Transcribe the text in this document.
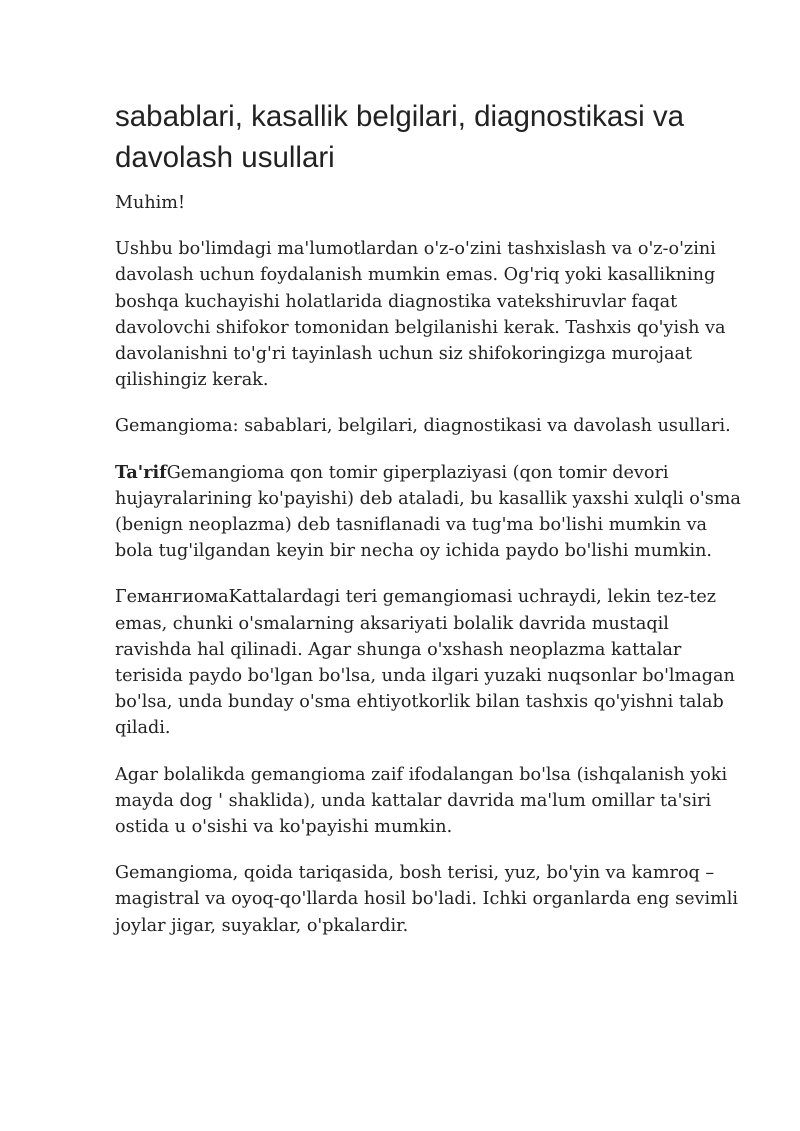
sabablari, kasallik belgilari, diagnostikasi va davolash usullari

Muhim!

Ushbu bo'limdagi ma'lumotlardan o'z-o'zini tashxislash va o'z-o'zini davolash uchun foydalanish mumkin emas. Og'riq yoki kasallikning boshqa kuchayishi holatlarida diagnostika vatekshiruvlar faqat davolovchi shifokor tomonidan belgilanishi kerak. Tashxis qo'yish va davolanishni to'g'ri tayinlash uchun siz shifokoringizga murojaat qilishingiz kerak.

Gemangioma: sabablari, belgilari, diagnostikasi va davolash usullari.

Ta'rifGemangioma qon tomir giperplaziyasi (qon tomir devori hujayralarining ko'payishi) deb ataladi, bu kasallik yaxshi xulqli o'sma (benign neoplazma) deb tasniflanadi va tug'ma bo'lishi mumkin va bola tug'ilgandan keyin bir necha oy ichida paydo bo'lishi mumkin.

ГемангиомаKattalardagi teri gemangiomasi uchraydi, lekin tez-tez emas, chunki o'smalarning aksariyati bolalik davrida mustaqil ravishda hal qilinadi. Agar shunga o'xshash neoplazma kattalar terisida paydo bo'lgan bo'lsa, unda ilgari yuzaki nuqsonlar bo'lmagan bo'lsa, unda bunday o'sma ehtiyotkorlik bilan tashxis qo'yishni talab qiladi.

Agar bolalikda gemangioma zaif ifodalangan bo'lsa (ishqalanish yoki mayda dog ' shaklida), unda kattalar davrida ma'lum omillar ta'siri ostida u o'sishi va ko'payishi mumkin.

Gemangioma, qoida tariqasida, bosh terisi, yuz, bo'yin va kamroq – magistral va oyoq-qo'llarda hosil bo'ladi. Ichki organlarda eng sevimli joylar jigar, suyaklar, o'pkalardir.
